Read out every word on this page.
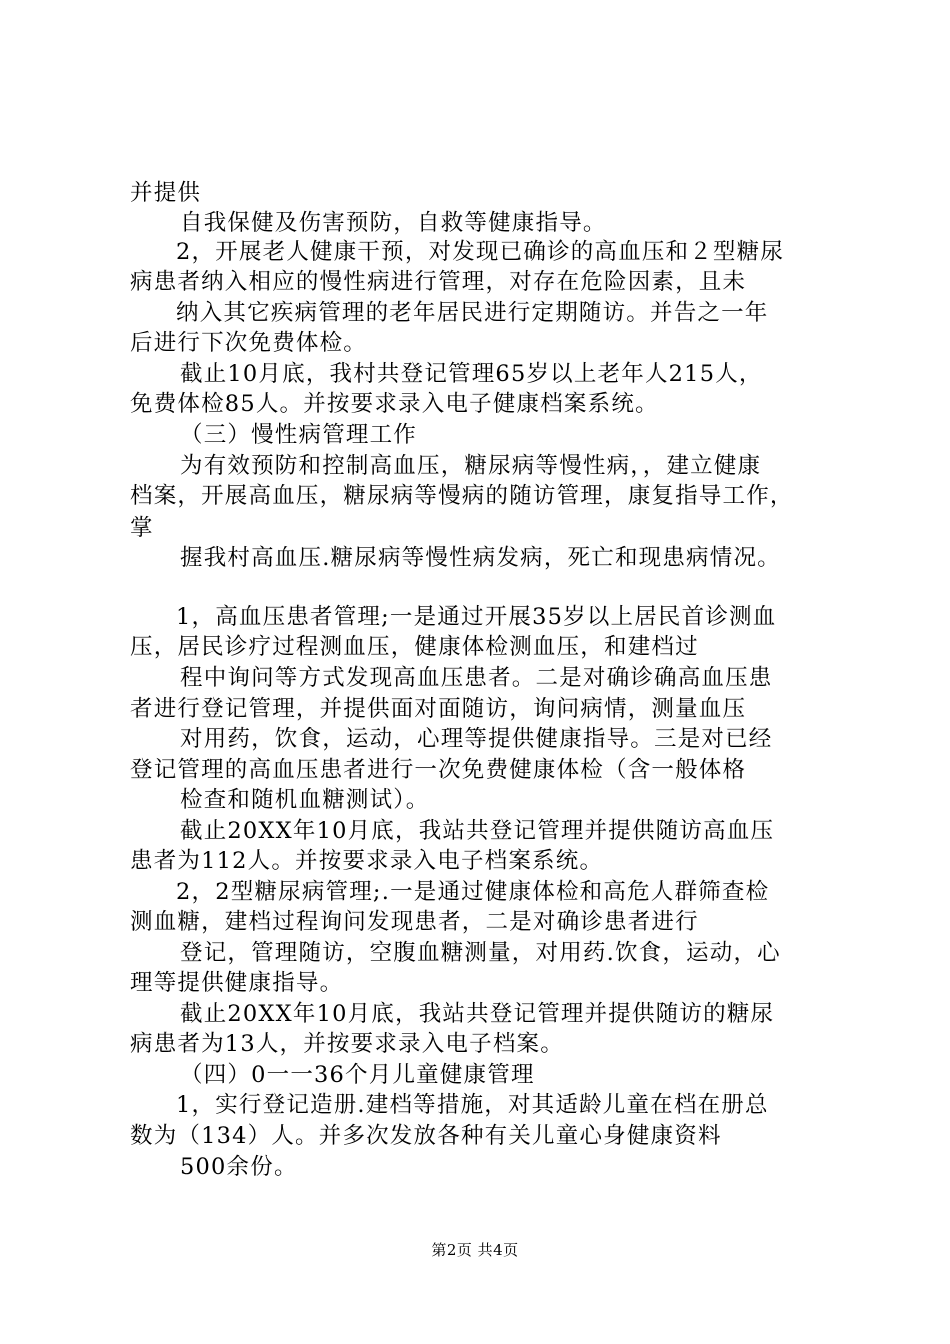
并提供
自我保健及伤害预防，自救等健康指导。
2，开展老人健康干预，对发现已确诊的高血压和２型糖尿
病患者纳入相应的慢性病进行管理，对存在危险因素，且未
纳入其它疾病管理的老年居民进行定期随访。并告之一年
后进行下次免费体检。
截止10月底，我村共登记管理65岁以上老年人215人，
免费体检85人。并按要求录入电子健康档案系统。
（三）慢性病管理工作
为有效预防和控制高血压，糖尿病等慢性病，，建立健康
档案，开展高血压，糖尿病等慢病的随访管理，康复指导工作，
掌
握我村高血压.糖尿病等慢性病发病，死亡和现患病情况。
1，高血压患者管理;一是通过开展35岁以上居民首诊测血
压，居民诊疗过程测血压，健康体检测血压，和建档过
程中询问等方式发现高血压患者。二是对确诊确高血压患
者进行登记管理，并提供面对面随访，询问病情，测量血压
对用药，饮食，运动，心理等提供健康指导。三是对已经
登记管理的高血压患者进行一次免费健康体检（含一般体格
检查和随机血糖测试）。
截止20XX年10月底，我站共登记管理并提供随访高血压
患者为112人。并按要求录入电子档案系统。
2，2型糖尿病管理;.一是通过健康体检和高危人群筛查检
测血糖，建档过程询问发现患者，二是对确诊患者进行
登记，管理随访，空腹血糖测量，对用药.饮食，运动，心
理等提供健康指导。
截止20XX年10月底，我站共登记管理并提供随访的糖尿
病患者为13人，并按要求录入电子档案。
（四）0一一36个月儿童健康管理
1，实行登记造册.建档等措施，对其适龄儿童在档在册总
数为（134）人。并多次发放各种有关儿童心身健康资料
500余份。
第2页 共4页
